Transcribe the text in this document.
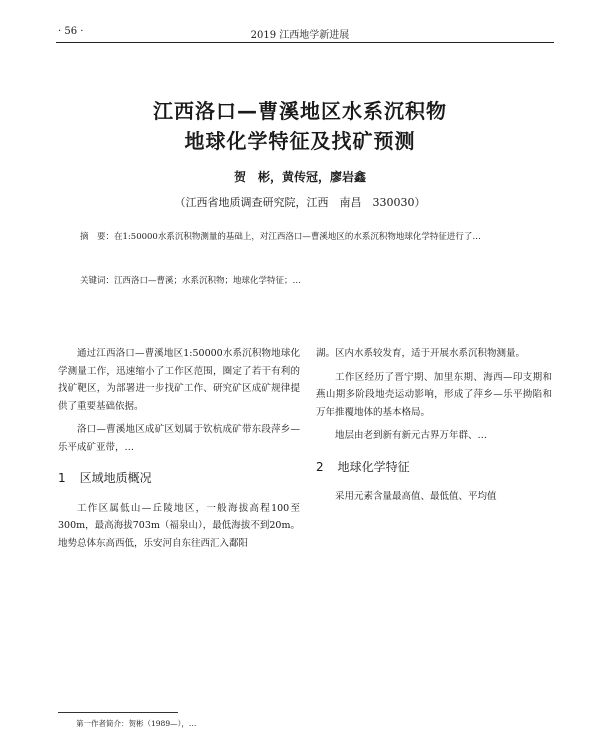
· 56 ·	2019 江西地学新进展
江西洛口—曹溪地区水系沉积物
地球化学特征及找矿预测
贺　彬，黄传冠，廖岩鑫
（江西省地质调查研究院，江西　南昌　330030）
摘　要：在1:50000水系沉积物测量的基础上，对江西洛口—曹溪地区的水系沉积物地球化学特征进行了…
关键词：江西洛口—曹溪；水系沉积物；地球化学特征；…

通过江西洛口—曹溪地区1:50000水系沉积物地球化学测量工作，迅速缩小了工作区范围，圈定了若干有利的找矿靶区，为部署进一步找矿工作、研究矿区成矿规律提供了重要基础依据。

洛口—曹溪地区成矿区划属于钦杭成矿带东段萍乡—乐平成矿亚带，…

1 区域地质概况

工作区属低山—丘陵地区，一般海拔高程100至300m，最高海拔703m（福泉山），最低海拔不到20m。地势总体东高西低，乐安河自东往西汇入鄱阳

湖。区内水系较发育，适于开展水系沉积物测量。

工作区经历了晋宁期、加里东期、海西—印支期和燕山期多阶段地壳运动影响，形成了萍乡—乐平拗陷和万年推覆地体的基本格局。

地层由老到新有新元古界万年群、…

2 地球化学特征

采用元素含量最高值、最低值、平均值

第一作者简介：贺彬（1989—），…
